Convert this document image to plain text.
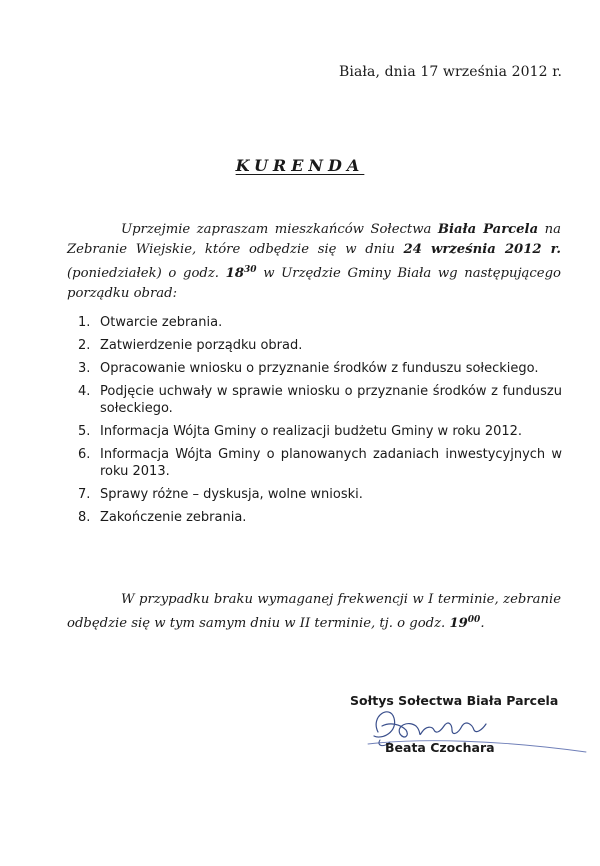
Biała, dnia 17 września 2012 r.
KURENDA
Uprzejmie zapraszam mieszkańców Sołectwa Biała Parcela na Zebranie Wiejskie, które odbędzie się w dniu 24 września 2012 r. (poniedziałek) o godz. $18^{30}$ w Urzędzie Gminy Biała wg następującego porządku obrad:
1. Otwarcie zebrania.
2. Zatwierdzenie porządku obrad.
3. Opracowanie wniosku o przyznanie środków z funduszu sołeckiego.
4. Podjęcie uchwały w sprawie wniosku o przyznanie środków z funduszu sołeckiego.
5. Informacja Wójta Gminy o realizacji budżetu Gminy w roku 2012.
6. Informacja Wójta Gminy o planowanych zadaniach inwestycyjnych w roku 2013.
7. Sprawy różne – dyskusja, wolne wnioski.
8. Zakończenie zebrania.
W przypadku braku wymaganej frekwencji w I terminie, zebranie odbędzie się w tym samym dniu w II terminie, tj. o godz. $19^{00}$.
Sołtys Sołectwa Biała Parcela
Beata Czochara
